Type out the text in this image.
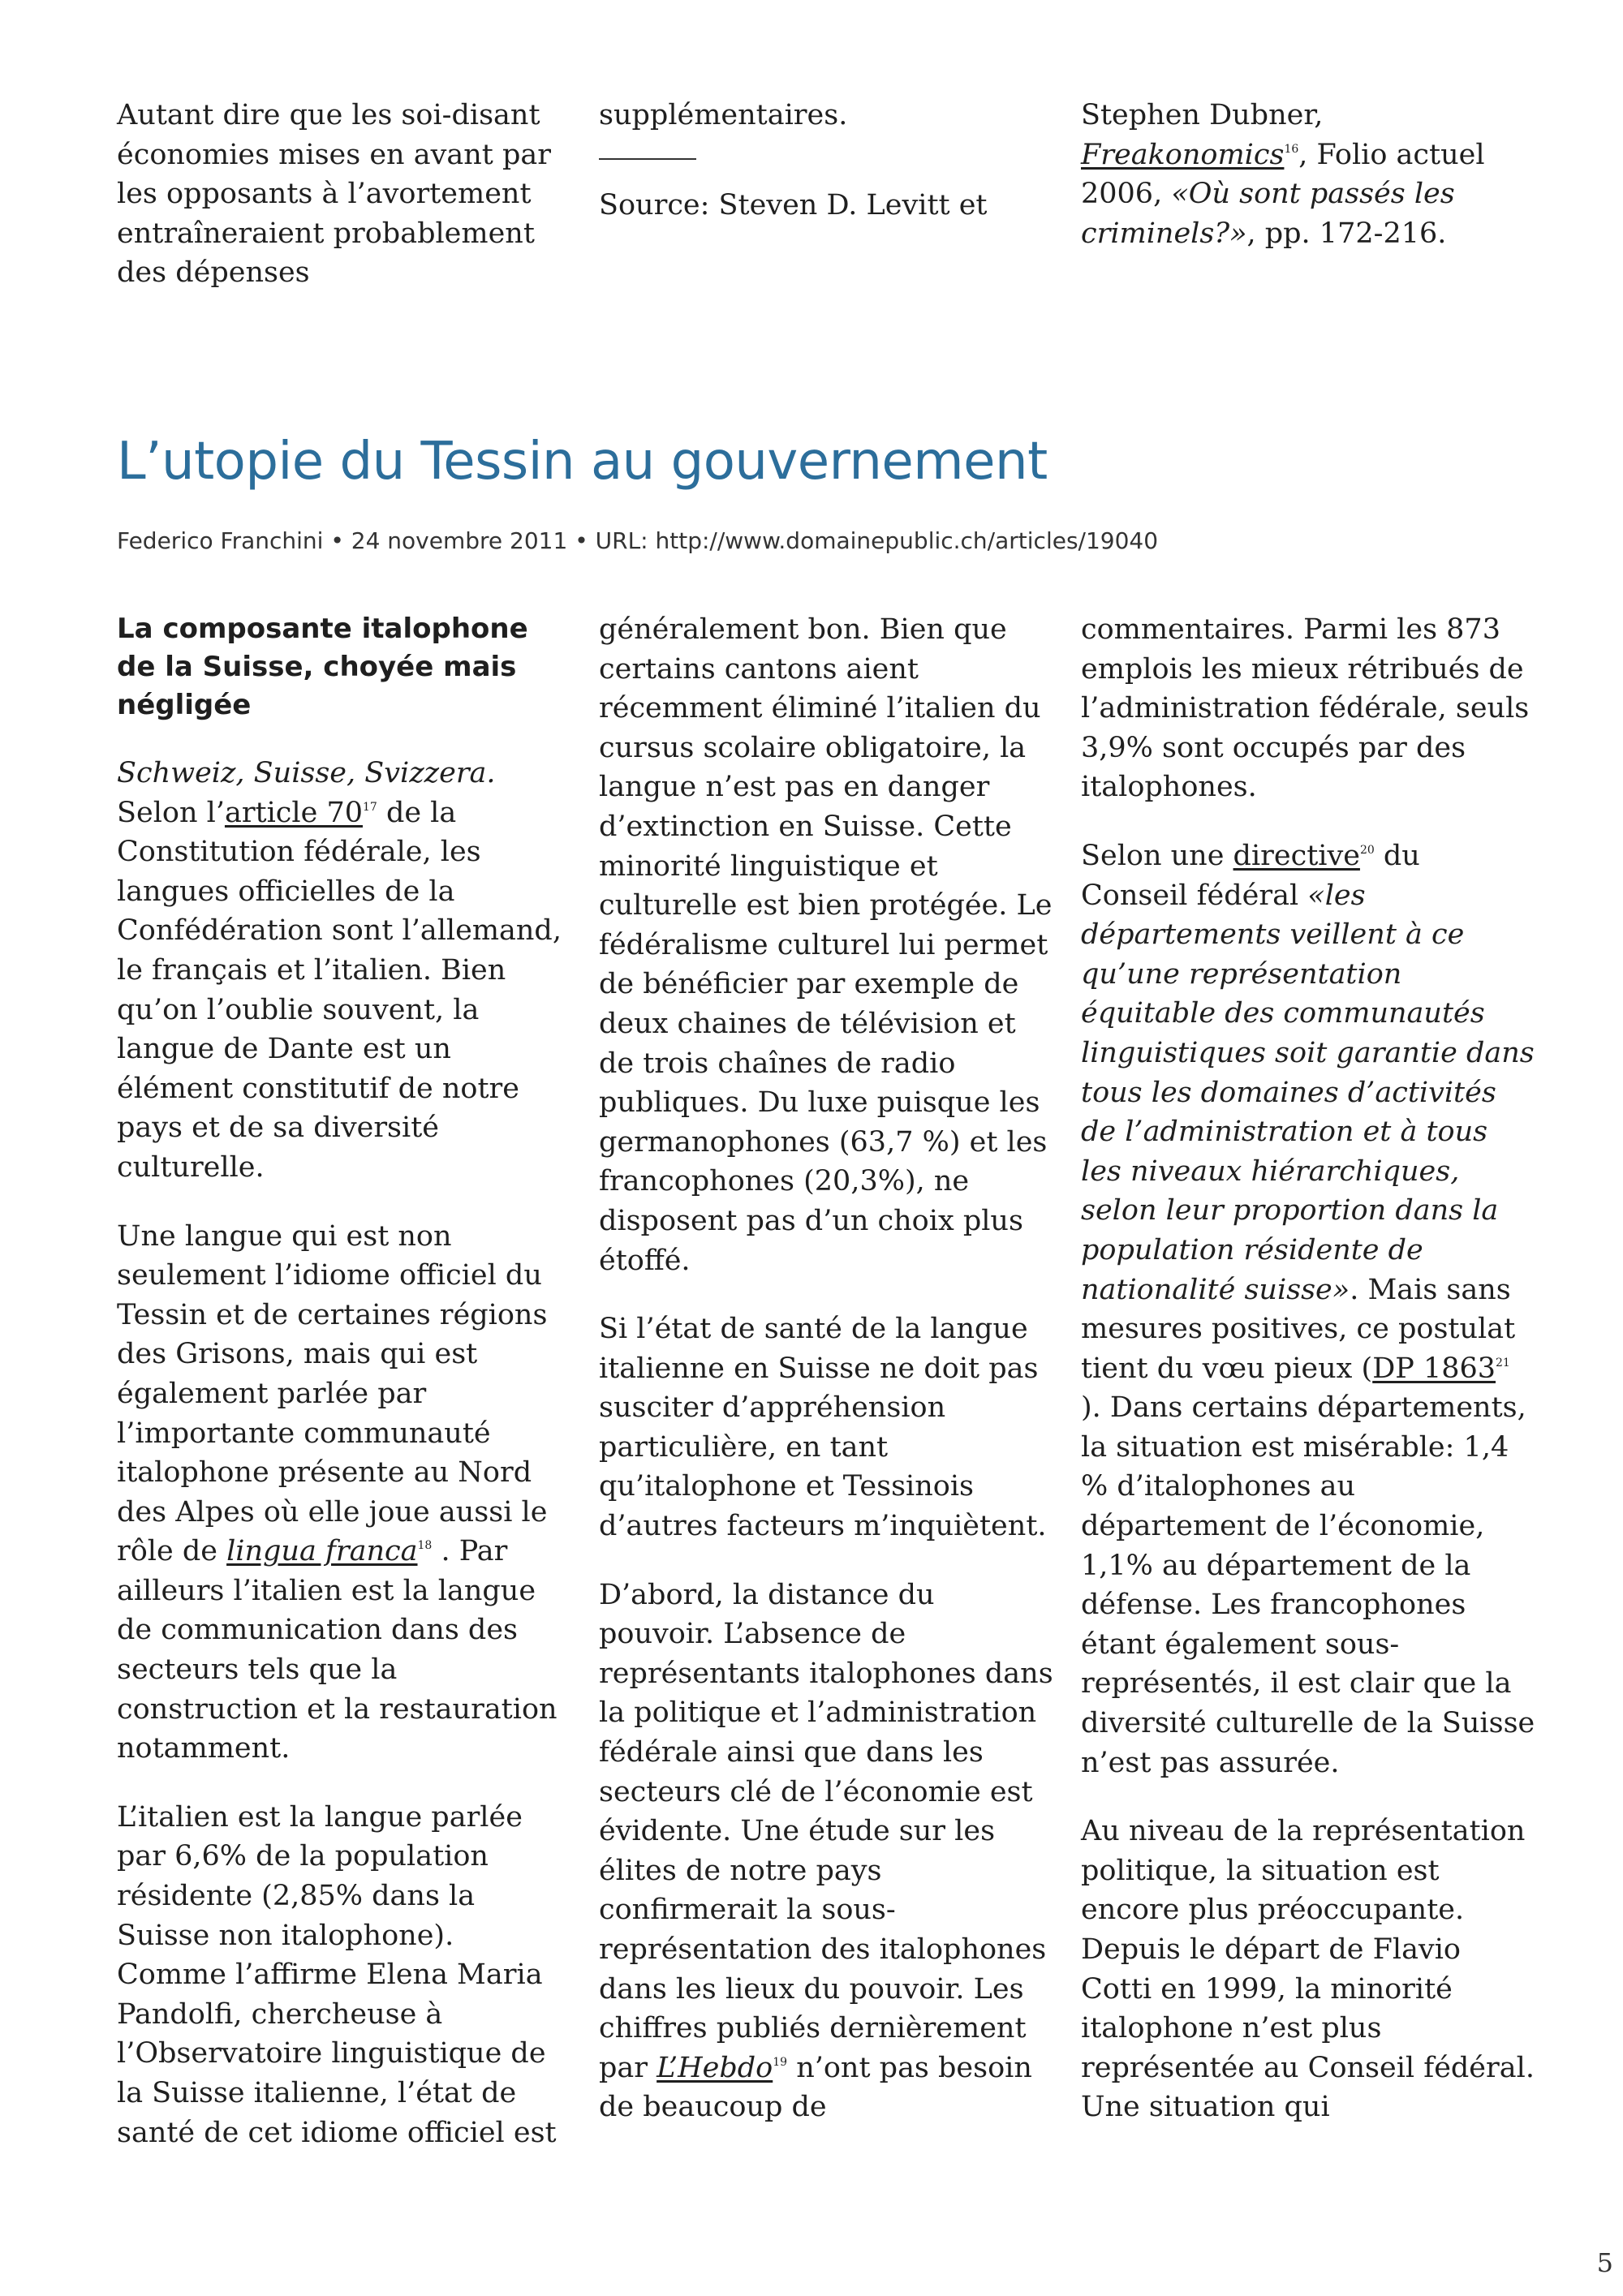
Autant dire que les soi-disant économies mises en avant par les opposants à l’avortement entraîneraient probablement des dépenses

supplémentaires.

Source: Steven D. Levitt et

Stephen Dubner, Freakonomics$^{16}$, Folio actuel 2006, «Où sont passés les criminels?», pp. 172-216.

L’utopie du Tessin au gouvernement
Federico Franchini • 24 novembre 2011 • URL: http://www.domainepublic.ch/articles/19040

La composante italophone de la Suisse, choyée mais négligée

Schweiz, Suisse, Svizzera. Selon l’article $70^{17}$ de la Constitution fédérale, les langues officielles de la Confédération sont l’allemand, le français et l’italien. Bien qu’on l’oublie souvent, la langue de Dante est un élément constitutif de notre pays et de sa diversité culturelle.

Une langue qui est non seulement l’idiome officiel du Tessin et de certaines régions des Grisons, mais qui est également parlée par l’importante communauté italophone présente au Nord des Alpes où elle joue aussi le rôle de lingua franca$^{18}$ . Par ailleurs l’italien est la langue de communication dans des secteurs tels que la construction et la restauration notamment.

L’italien est la langue parlée par 6,6% de la population résidente (2,85% dans la Suisse non italophone). Comme l’affirme Elena Maria Pandolfi, chercheuse à l’Observatoire linguistique de la Suisse italienne, l’état de santé de cet idiome officiel est

généralement bon. Bien que certains cantons aient récemment éliminé l’italien du cursus scolaire obligatoire, la langue n’est pas en danger d’extinction en Suisse. Cette minorité linguistique et culturelle est bien protégée. Le fédéralisme culturel lui permet de bénéficier par exemple de deux chaines de télévision et de trois chaînes de radio publiques. Du luxe puisque les germanophones (63,7 %) et les francophones (20,3%), ne disposent pas d’un choix plus étoffé.

Si l’état de santé de la langue italienne en Suisse ne doit pas susciter d’appréhension particulière, en tant qu’italophone et Tessinois d’autres facteurs m’inquiètent.

D’abord, la distance du pouvoir. L’absence de représentants italophones dans la politique et l’administration fédérale ainsi que dans les secteurs clé de l’économie est évidente. Une étude sur les élites de notre pays confirmerait la sous-représentation des italophones dans les lieux du pouvoir. Les chiffres publiés dernièrement par L’Hebdo$^{19}$ n’ont pas besoin de beaucoup de

commentaires. Parmi les 873 emplois les mieux rétribués de l’administration fédérale, seuls 3,9% sont occupés par des italophones.

Selon une directive$^{20}$ du Conseil fédéral «les départements veillent à ce qu’une représentation équitable des communautés linguistiques soit garantie dans tous les domaines d’activités de l’administration et à tous les niveaux hiérarchiques, selon leur proportion dans la population résidente de nationalité suisse». Mais sans mesures positives, ce postulat tient du vœu pieux (DP 1863$^{21}$ ). Dans certains départements, la situation est misérable: 1,4 % d’italophones au département de l’économie, 1,1% au département de la défense. Les francophones étant également sous-représentés, il est clair que la diversité culturelle de la Suisse n’est pas assurée.

Au niveau de la représentation politique, la situation est encore plus préoccupante. Depuis le départ de Flavio Cotti en 1999, la minorité italophone n’est plus représentée au Conseil fédéral. Une situation qui

5
